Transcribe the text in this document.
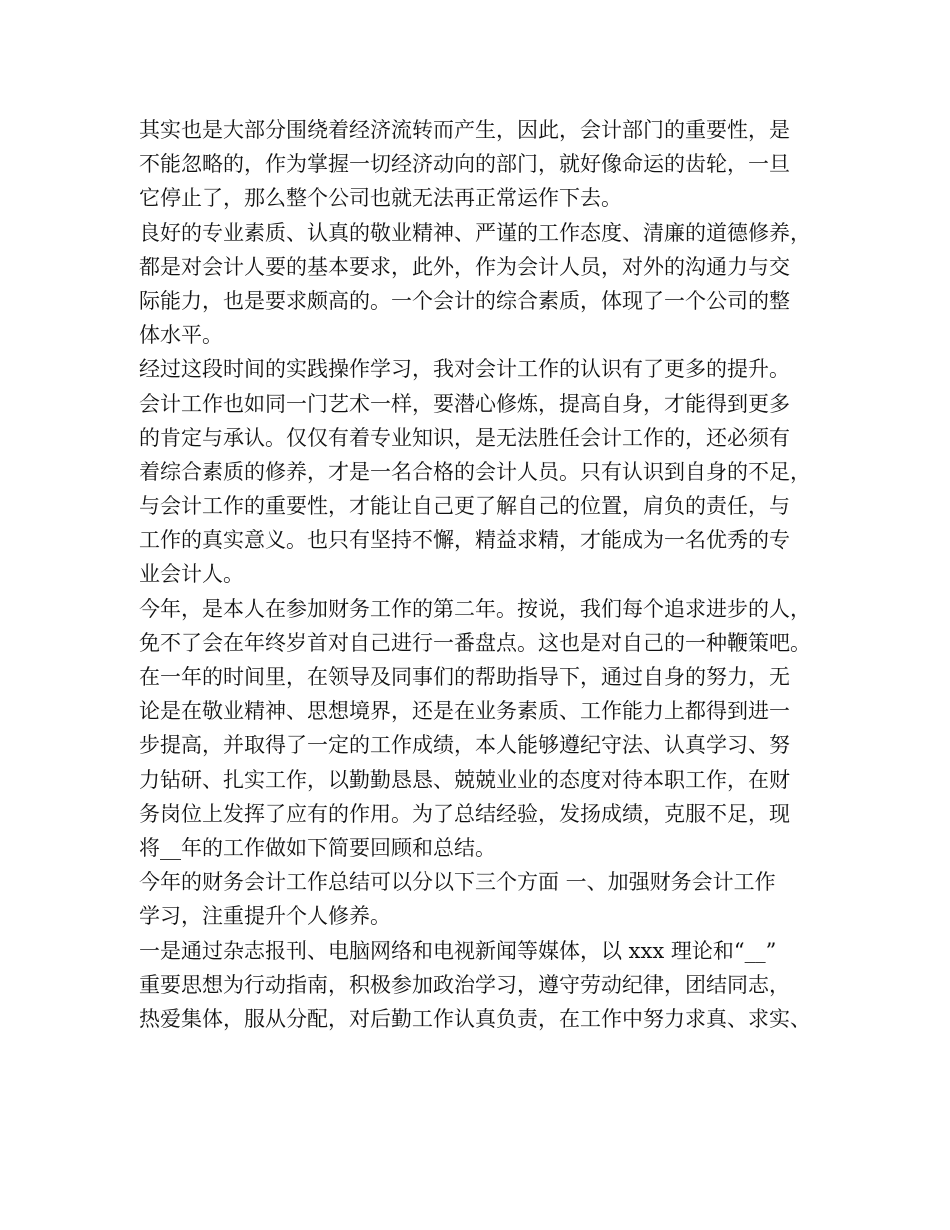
其实也是大部分围绕着经济流转而产生，因此，会计部门的重要性，是
不能忽略的，作为掌握一切经济动向的部门，就好像命运的齿轮，一旦
它停止了，那么整个公司也就无法再正常运作下去。
良好的专业素质、认真的敬业精神、严谨的工作态度、清廉的道德修养，
都是对会计人要的基本要求，此外，作为会计人员，对外的沟通力与交
际能力，也是要求颇高的。一个会计的综合素质，体现了一个公司的整
体水平。
经过这段时间的实践操作学习，我对会计工作的认识有了更多的提升。
会计工作也如同一门艺术一样，要潜心修炼，提高自身，才能得到更多
的肯定与承认。仅仅有着专业知识，是无法胜任会计工作的，还必须有
着综合素质的修养，才是一名合格的会计人员。只有认识到自身的不足，
与会计工作的重要性，才能让自己更了解自己的位置，肩负的责任，与
工作的真实意义。也只有坚持不懈，精益求精，才能成为一名优秀的专
业会计人。
今年，是本人在参加财务工作的第二年。按说，我们每个追求进步的人，
免不了会在年终岁首对自己进行一番盘点。这也是对自己的一种鞭策吧。
在一年的时间里，在领导及同事们的帮助指导下，通过自身的努力，无
论是在敬业精神、思想境界，还是在业务素质、工作能力上都得到进一
步提高，并取得了一定的工作成绩，本人能够遵纪守法、认真学习、努
力钻研、扎实工作，以勤勤恳恳、兢兢业业的态度对待本职工作，在财
务岗位上发挥了应有的作用。为了总结经验，发扬成绩，克服不足，现
将__年的工作做如下简要回顾和总结。
今年的财务会计工作总结可以分以下三个方面 一、加强财务会计工作
学习，注重提升个人修养。
一是通过杂志报刊、电脑网络和电视新闻等媒体，以 xxx 理论和“__”
重要思想为行动指南，积极参加政治学习，遵守劳动纪律，团结同志，
热爱集体，服从分配，对后勤工作认真负责，在工作中努力求真、求实、
